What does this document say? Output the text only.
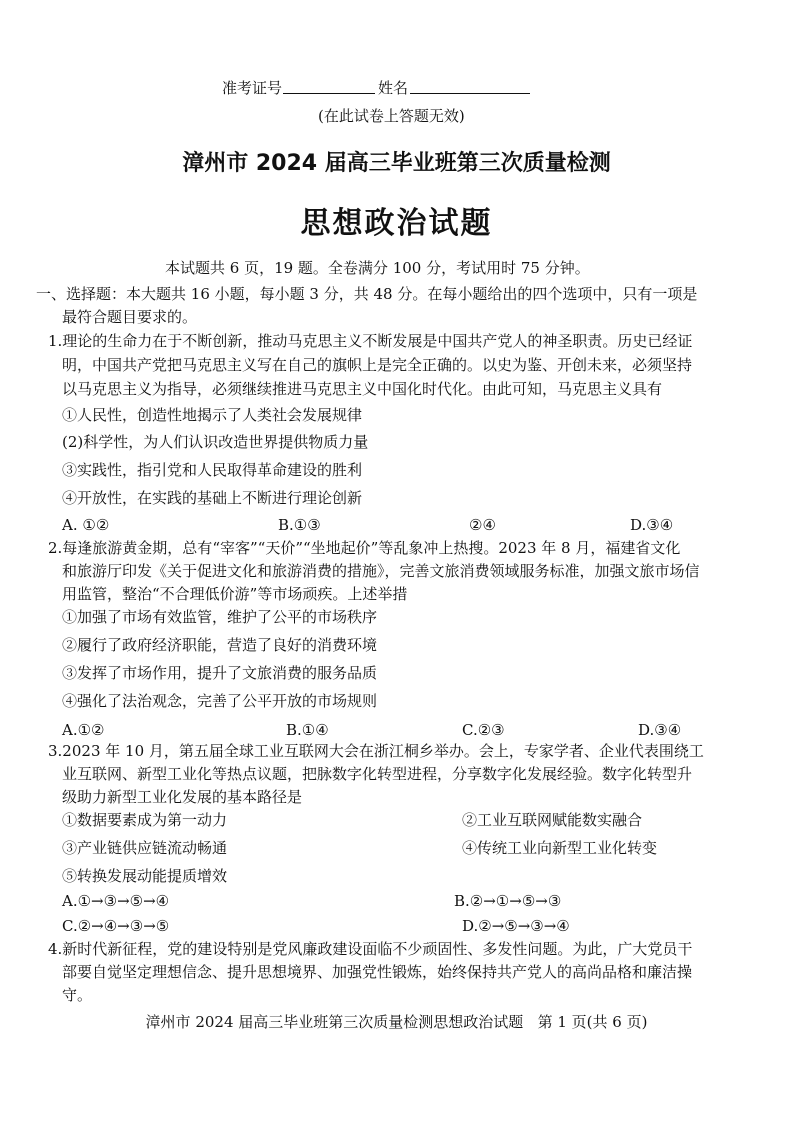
准考证号	姓名
(在此试卷上答题无效)
漳州市 2024 届高三毕业班第三次质量检测
思想政治试题
本试题共 6 页，19 题。全卷满分 100 分，考试用时 75 分钟。
一、选择题：本大题共 16 小题，每小题 3 分，共 48 分。在每小题给出的四个选项中，只有一项是
最符合题目要求的。
1.理论的生命力在于不断创新，推动马克思主义不断发展是中国共产党人的神圣职责。历史已经证
明，中国共产党把马克思主义写在自己的旗帜上是完全正确的。以史为鉴、开创未来，必须坚持
以马克思主义为指导，必须继续推进马克思主义中国化时代化。由此可知，马克思主义具有
①人民性，创造性地揭示了人类社会发展规律
(2)科学性，为人们认识改造世界提供物质力量
③实践性，指引党和人民取得革命建设的胜利
④开放性，在实践的基础上不断进行理论创新
A. ①②	B.①③	②④	D.③④
2.每逢旅游黄金期，总有“宰客”“天价”“坐地起价”等乱象冲上热搜。2023 年 8 月，福建省文化
和旅游厅印发《关于促进文化和旅游消费的措施》，完善文旅消费领域服务标准，加强文旅市场信
用监管，整治“不合理低价游”等市场顽疾。上述举措
①加强了市场有效监管，维护了公平的市场秩序
②履行了政府经济职能，营造了良好的消费环境
③发挥了市场作用，提升了文旅消费的服务品质
④强化了法治观念，完善了公平开放的市场规则
A.①②	B.①④	C.②③	D.③④
3.2023 年 10 月，第五届全球工业互联网大会在浙江桐乡举办。会上，专家学者、企业代表围绕工
业互联网、新型工业化等热点议题，把脉数字化转型进程，分享数字化发展经验。数字化转型升
级助力新型工业化发展的基本路径是
①数据要素成为第一动力	②工业互联网赋能数实融合
③产业链供应链流动畅通	④传统工业向新型工业化转变
⑤转换发展动能提质增效
A.①→③→⑤→④	B.②→①→⑤→③
C.②→④→③→⑤	D.②→⑤→③→④
4.新时代新征程，党的建设特别是党风廉政建设面临不少顽固性、多发性问题。为此，广大党员干
部要自觉坚定理想信念、提升思想境界、加强党性锻炼，始终保持共产党人的高尚品格和廉洁操
守。
漳州市 2024 届高三毕业班第三次质量检测思想政治试题   第 1 页(共 6 页)
